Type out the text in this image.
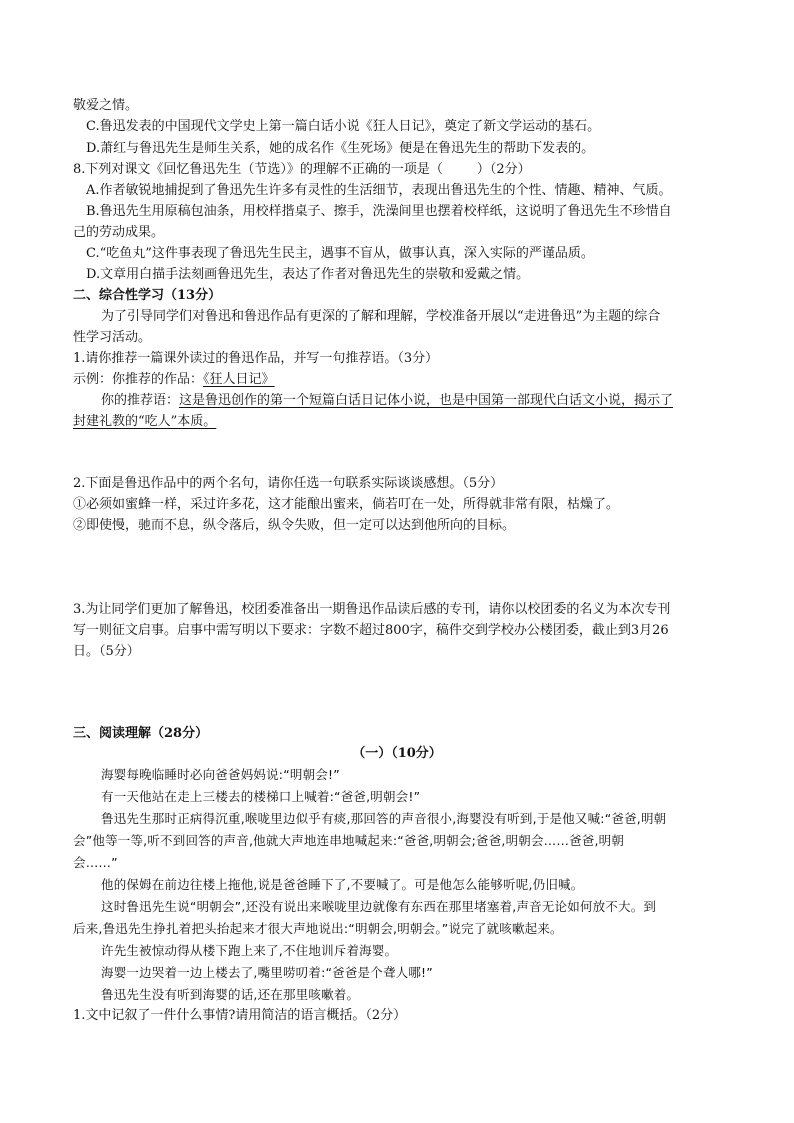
敬爱之情。
C.鲁迅发表的中国现代文学史上第一篇白话小说《狂人日记》，奠定了新文学运动的基石。
D.萧红与鲁迅先生是师生关系，她的成名作《生死场》便是在鲁迅先生的帮助下发表的。
8.下列对课文《回忆鲁迅先生（节选）》的理解不正确的一项是（	）（2分）
A.作者敏锐地捕捉到了鲁迅先生许多有灵性的生活细节，表现出鲁迅先生的个性、情趣、精神、气质。
B.鲁迅先生用原稿包油条，用校样揩桌子、擦手，洗澡间里也摆着校样纸，这说明了鲁迅先生不珍惜自
己的劳动成果。
C.“吃鱼丸”这件事表现了鲁迅先生民主，遇事不盲从，做事认真，深入实际的严谨品质。
D.文章用白描手法刻画鲁迅先生，表达了作者对鲁迅先生的崇敬和爱戴之情。
二、综合性学习（13分）
为了引导同学们对鲁迅和鲁迅作品有更深的了解和理解，学校准备开展以“走进鲁迅”为主题的综合
性学习活动。
1.请你推荐一篇课外读过的鲁迅作品，并写一句推荐语。（3分）
示例：你推荐的作品：《狂人日记》
你的推荐语：这是鲁迅创作的第一个短篇白话日记体小说，也是中国第一部现代白话文小说，揭示了
封建礼教的“吃人”本质。
2.下面是鲁迅作品中的两个名句，请你任选一句联系实际谈谈感想。（5分）
①必须如蜜蜂一样，采过许多花，这才能酿出蜜来，倘若叮在一处，所得就非常有限，枯燥了。
②即使慢，驰而不息，纵令落后，纵令失败，但一定可以达到他所向的目标。
3.为让同学们更加了解鲁迅，校团委准备出一期鲁迅作品读后感的专刊，请你以校团委的名义为本次专刊
写一则征文启事。启事中需写明以下要求：字数不超过800字，稿件交到学校办公楼团委，截止到3月26
日。（5分）
三、阅读理解（28分）
（一）（10分）
海婴每晚临睡时必向爸爸妈妈说:“明朝会!”
有一天他站在走上三楼去的楼梯口上喊着:“爸爸,明朝会!”
鲁迅先生那时正病得沉重,喉咙里边似乎有痰,那回答的声音很小,海婴没有听到,于是他又喊:“爸爸,明朝
会”他等一等,听不到回答的声音,他就大声地连串地喊起来:“爸爸,明朝会;爸爸,明朝会……爸爸,明朝
会……”
他的保姆在前边往楼上拖他,说是爸爸睡下了,不要喊了。可是他怎么能够听呢,仍旧喊。
这时鲁迅先生说“明朝会”,还没有说出来喉咙里边就像有东西在那里堵塞着,声音无论如何放不大。到
后来,鲁迅先生挣扎着把头抬起来才很大声地说出:“明朝会,明朝会。”说完了就咳嗽起来。
许先生被惊动得从楼下跑上来了,不住地训斥着海婴。
海婴一边哭着一边上楼去了,嘴里唠叨着:“爸爸是个聋人哪!”
鲁迅先生没有听到海婴的话,还在那里咳嗽着。
1.文中记叙了一件什么事情?请用简洁的语言概括。（2分）
